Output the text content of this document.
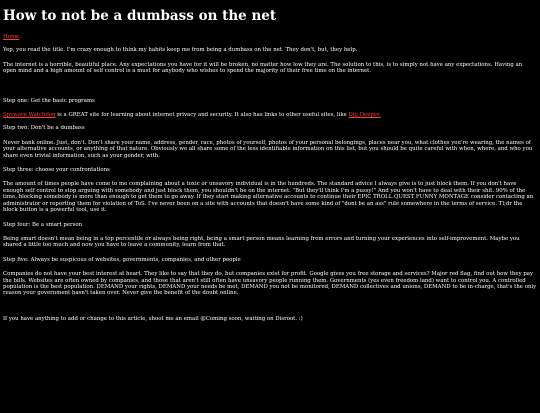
How to not be a dumbass on the net

Home

Yep, you read the title. I'm crazy enough to think my habits keep me from being a dumbass on the net. They don't, but, they help.

The internet is a horrible, beautiful place. Any expectations you have for it will be broken, no matter how low they are. The solution to this, is to simply not have any expectations. Having an open mind and a high amount of self control is a must for anybody who wishes to spend the majority of their free time on the internet.

Step one: Get the basic programs

Spyware Watchdog is a GREAT site for learning about internet privacy and security. It also has links to other useful sites, like Dig Deeper.

Step two: Don't be a dumbass

Never bank online. Just, don't. Don't share your name, address, gender, race, photos of yourself, photos of your personal belongings, places near you, what clothes you're wearing, the names of your alternative accounts, or anything of that nature. Obviously we all share some of the less identifiable information on this list, but you should be quite careful with when, where, and who you share even trivial information, such as your gender, with.

Step three: choose your confrontations

The amount of times people have come to me complaining about a toxic or unsavory individual is in the hundreds. The standard advice I always give is to just block them. If you don't have enough self control to stop arguing with somebody and just block them, you shouldn't be on the internet. "But they'll think I'm a pussy!" And you won't have to deal with their shit. 90% of the time, blocking somebody is more than enough to get them to go away. If they start making alternative accounts to continue their EPIC TROLL QUEST FUNNY MONTAGE consider contacting an administrator or reporting them for violation of ToS. I've never been on a site with accounts that doesn't have some kind of "dont be an ass" rule somewhere in the terms of service. Tl;dr the block button is a powerful tool, use it.

Step four: Be a smart person

Being smart doesn't mean being in a top percentile or always being right, being a smart person means learning from errors and turning your experiences into self-improvement. Maybe you shared a little too much and now you have to leave a community, learn from that.

Step five: Always be suspicous of websites, governments, companies, and other people

Companies do not have your best interest at heart. They like to say that they do, but companies exist for profit. Google gives you free storage and services? Major red flag, find out how they pay the bills. Websites are often owned by companies, and those that aren't still often have unsavory people running them. Governments (yes even freedom land) want to control you. A controlled population is the best population. DEMAND your rights, DEMAND your needs be met, DEMAND you not be monitored, DEMAND collectives and unions, DEMAND to be in-charge, that's the only reason your government hasn't taken over. Never give the benefit of the doubt online.

If you have anything to add or change to this article, shoot me an email @Coming soon, waiting on Disroot. :)
